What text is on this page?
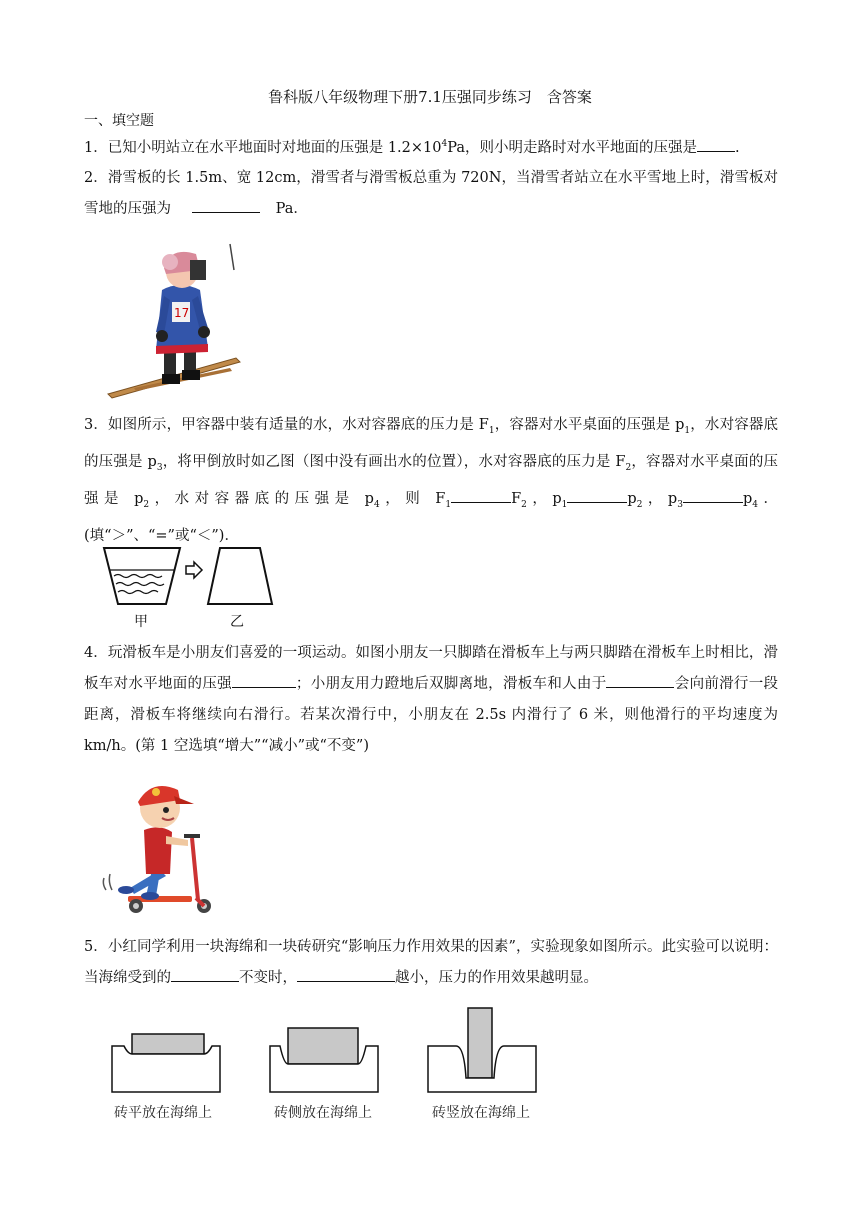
鲁科版八年级物理下册7.1压强同步练习　含答案
一、填空题
1．已知小明站立在水平地面时对地面的压强是 $1.2\times 10^4Pa$，则小明走路时对水平地面的压强是	.
2．滑雪板的长 1.5m、宽 12cm，滑雪者与滑雪板总重为 720N，当滑雪者站立在水平雪地上时，滑雪板对雪地的压强为	Pa．
17
3．如图所示，甲容器中装有适量的水，水对容器底的压力是 $F_1$，容器对水平桌面的压强是 $p_1$，水对容器底的压强是 $p_3$，将甲倒放时如乙图（图中没有画出水的位置），水对容器底的压力是 $F_2$，容器对水平桌面的压强是 $p_2$，水对容器底的压强是 $p_4$，则 $F_1$	$F_2$，$p_1$	$p_2$，$p_3$	$p_4$．(填“＞”、“=”或“＜”)．
甲	乙
4．玩滑板车是小朋友们喜爱的一项运动。如图小朋友一只脚踏在滑板车上与两只脚踏在滑板车上时相比，滑板车对水平地面的压强	；小朋友用力蹬地后双脚离地，滑板车和人由于	会向前滑行一段距离，滑板车将继续向右滑行。若某次滑行中，小朋友在 2.5s 内滑行了 6 米，则他滑行的平均速度为 km/h。(第 1 空选填“增大”“减小”或“不变”)
5．小红同学利用一块海绵和一块砖研究“影响压力作用效果的因素”，实验现象如图所示。此实验可以说明：当海绵受到的	不变时，	越小，压力的作用效果越明显。
砖平放在海绵上	砖侧放在海绵上	砖竖放在海绵上
